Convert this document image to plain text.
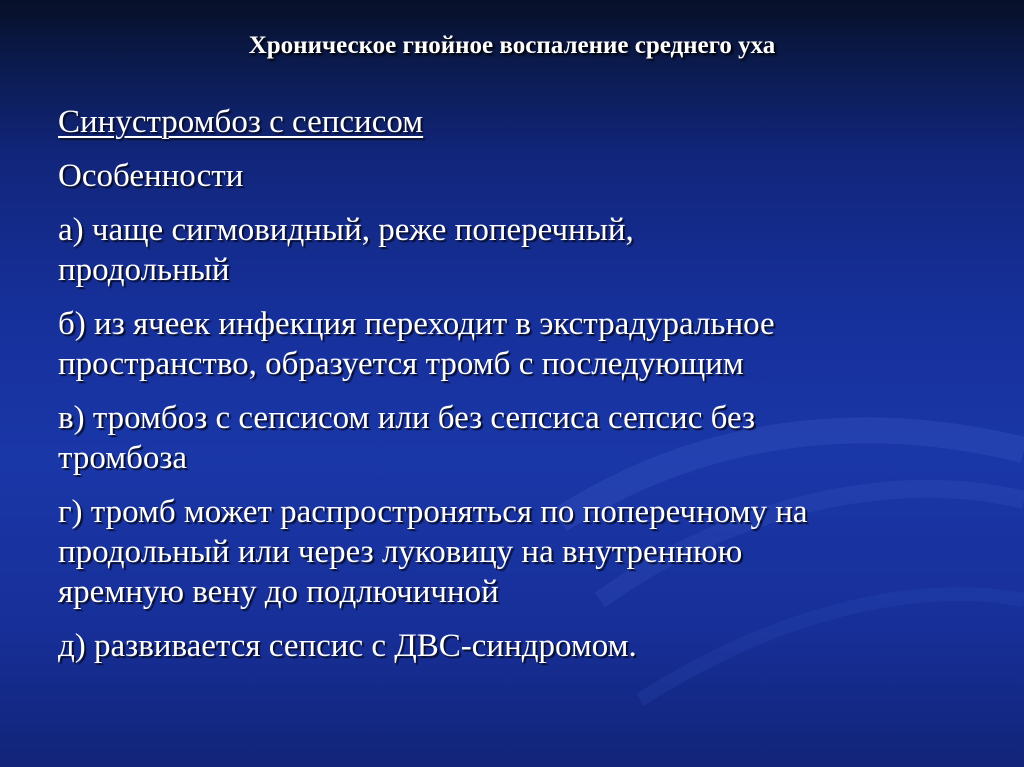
Хроническое гнойное воспаление среднего уха

Синустромбоз с сепсисом

Особенности

а) чаще сигмовидный, реже поперечный,
продольный

б) из ячеек инфекция переходит в экстрадуральное
пространство, образуется тромб с последующим

в) тромбоз с сепсисом или без сепсиса сепсис без
тромбоза

г) тромб может распростроняться по поперечному на
продольный или через луковицу на внутреннюю
яремную вену до подлючичной

д) развивается сепсис с ДВС-синдромом.
